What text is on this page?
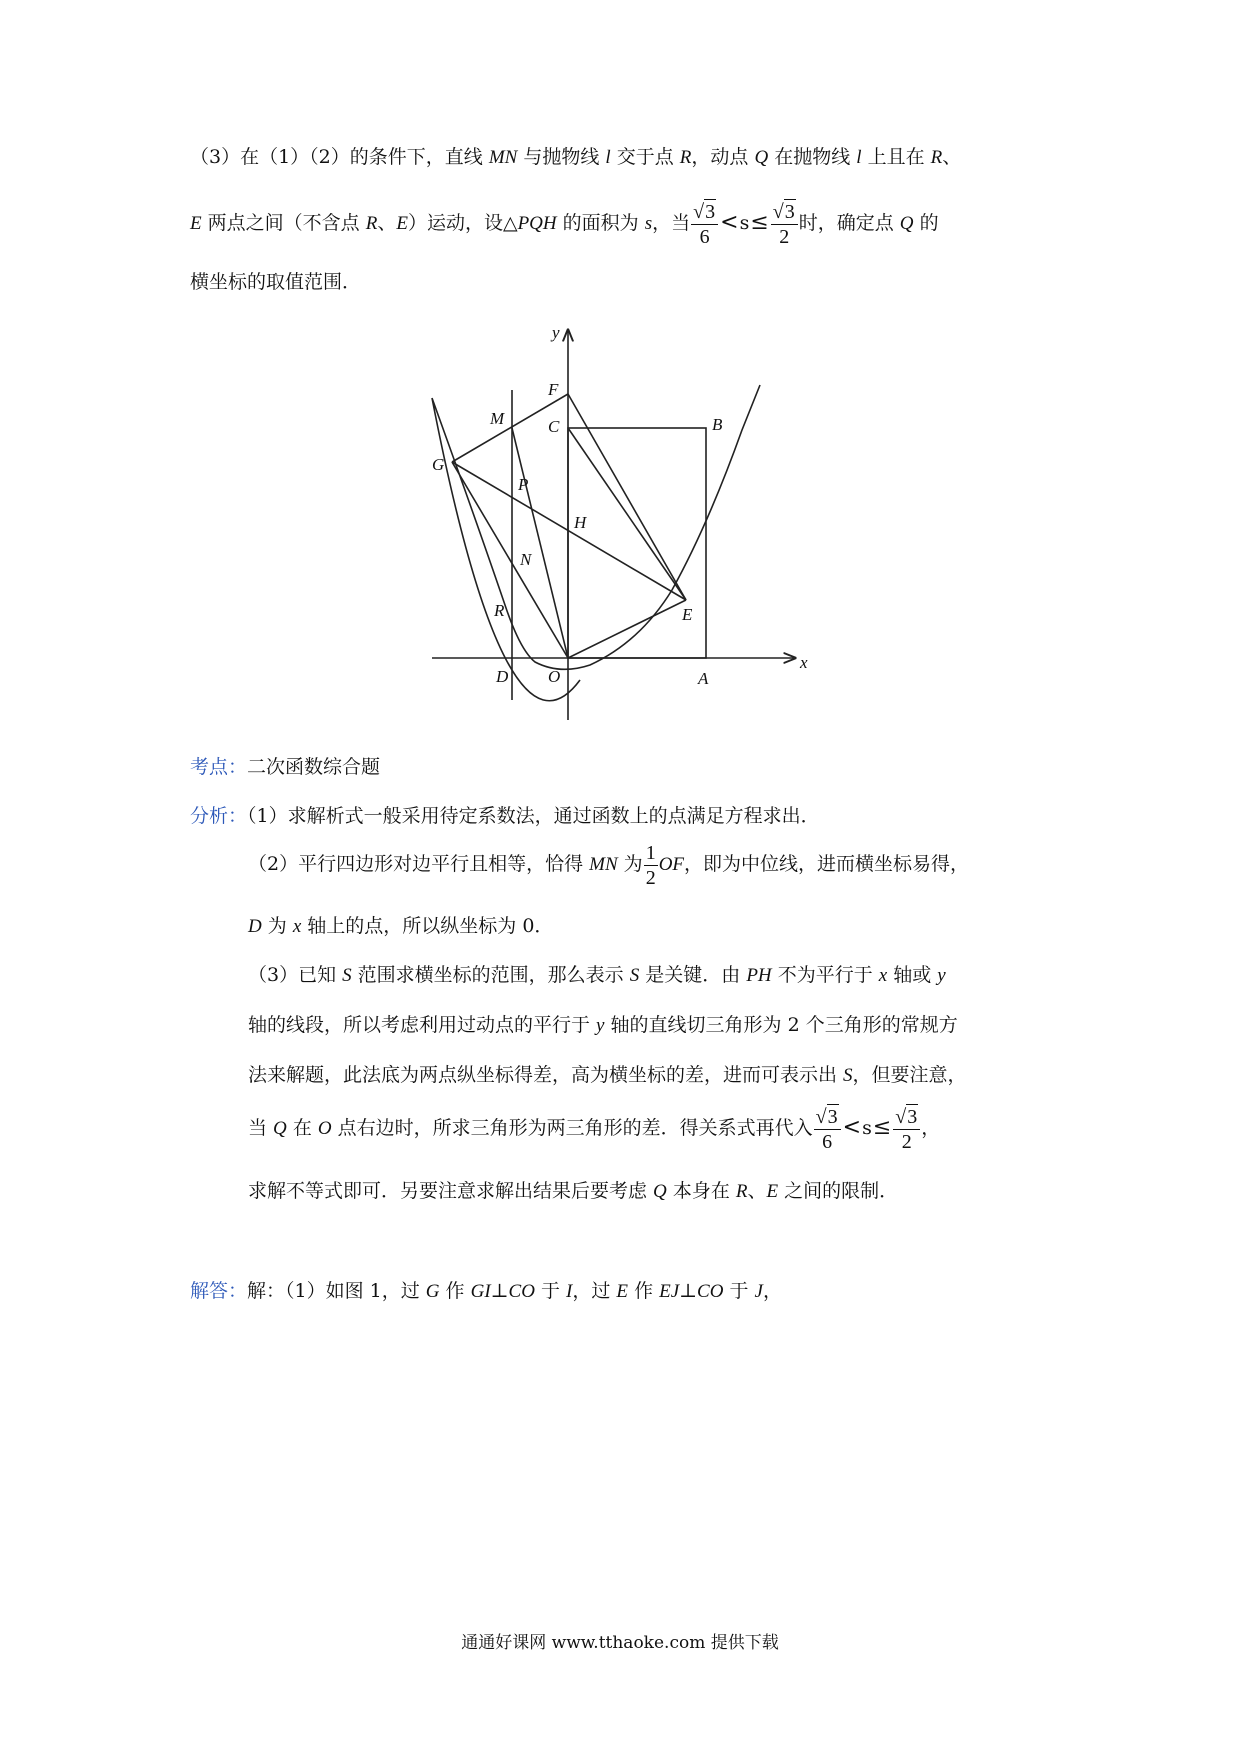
（3）在（1）（2）的条件下，直线 MN 与抛物线 l 交于点 R，动点 Q 在抛物线 l 上且在 R、
E 两点之间（不含点 R、E）运动，设△PQH 的面积为 s，当 $\frac{√3}{6} <s\le \frac{√3}{2}$ 时，确定点 Q 的
横坐标的取值范围．
y
x
F
M	C	B
G
P
H
N
R	E
D O	A
考点：二次函数综合题
分析：（1）求解析式一般采用待定系数法，通过函数上的点满足方程求出．
（2）平行四边形对边平行且相等，恰得 MN 为 $\frac{1}{2}$ OF，即为中位线，进而横坐标易得，
D 为 x 轴上的点，所以纵坐标为 0．
（3）已知 S 范围求横坐标的范围，那么表示 S 是关键．由 PH 不为平行于 x 轴或 y
轴的线段，所以考虑利用过动点的平行于 y 轴的直线切三角形为 2 个三角形的常规方
法来解题，此法底为两点纵坐标得差，高为横坐标的差，进而可表示出 S，但要注意，
当 Q 在 O 点右边时，所求三角形为两三角形的差．得关系式再代入 $\frac{√3}{6} <s\le \frac{√3}{2}$ ，
求解不等式即可．另要注意求解出结果后要考虑 Q 本身在 R、E 之间的限制．
解答：解：（1）如图 1，过 G 作 GI⊥CO 于 I，过 E 作 EJ⊥CO 于 J，
通通好课网 www.tthaoke.com 提供下载
